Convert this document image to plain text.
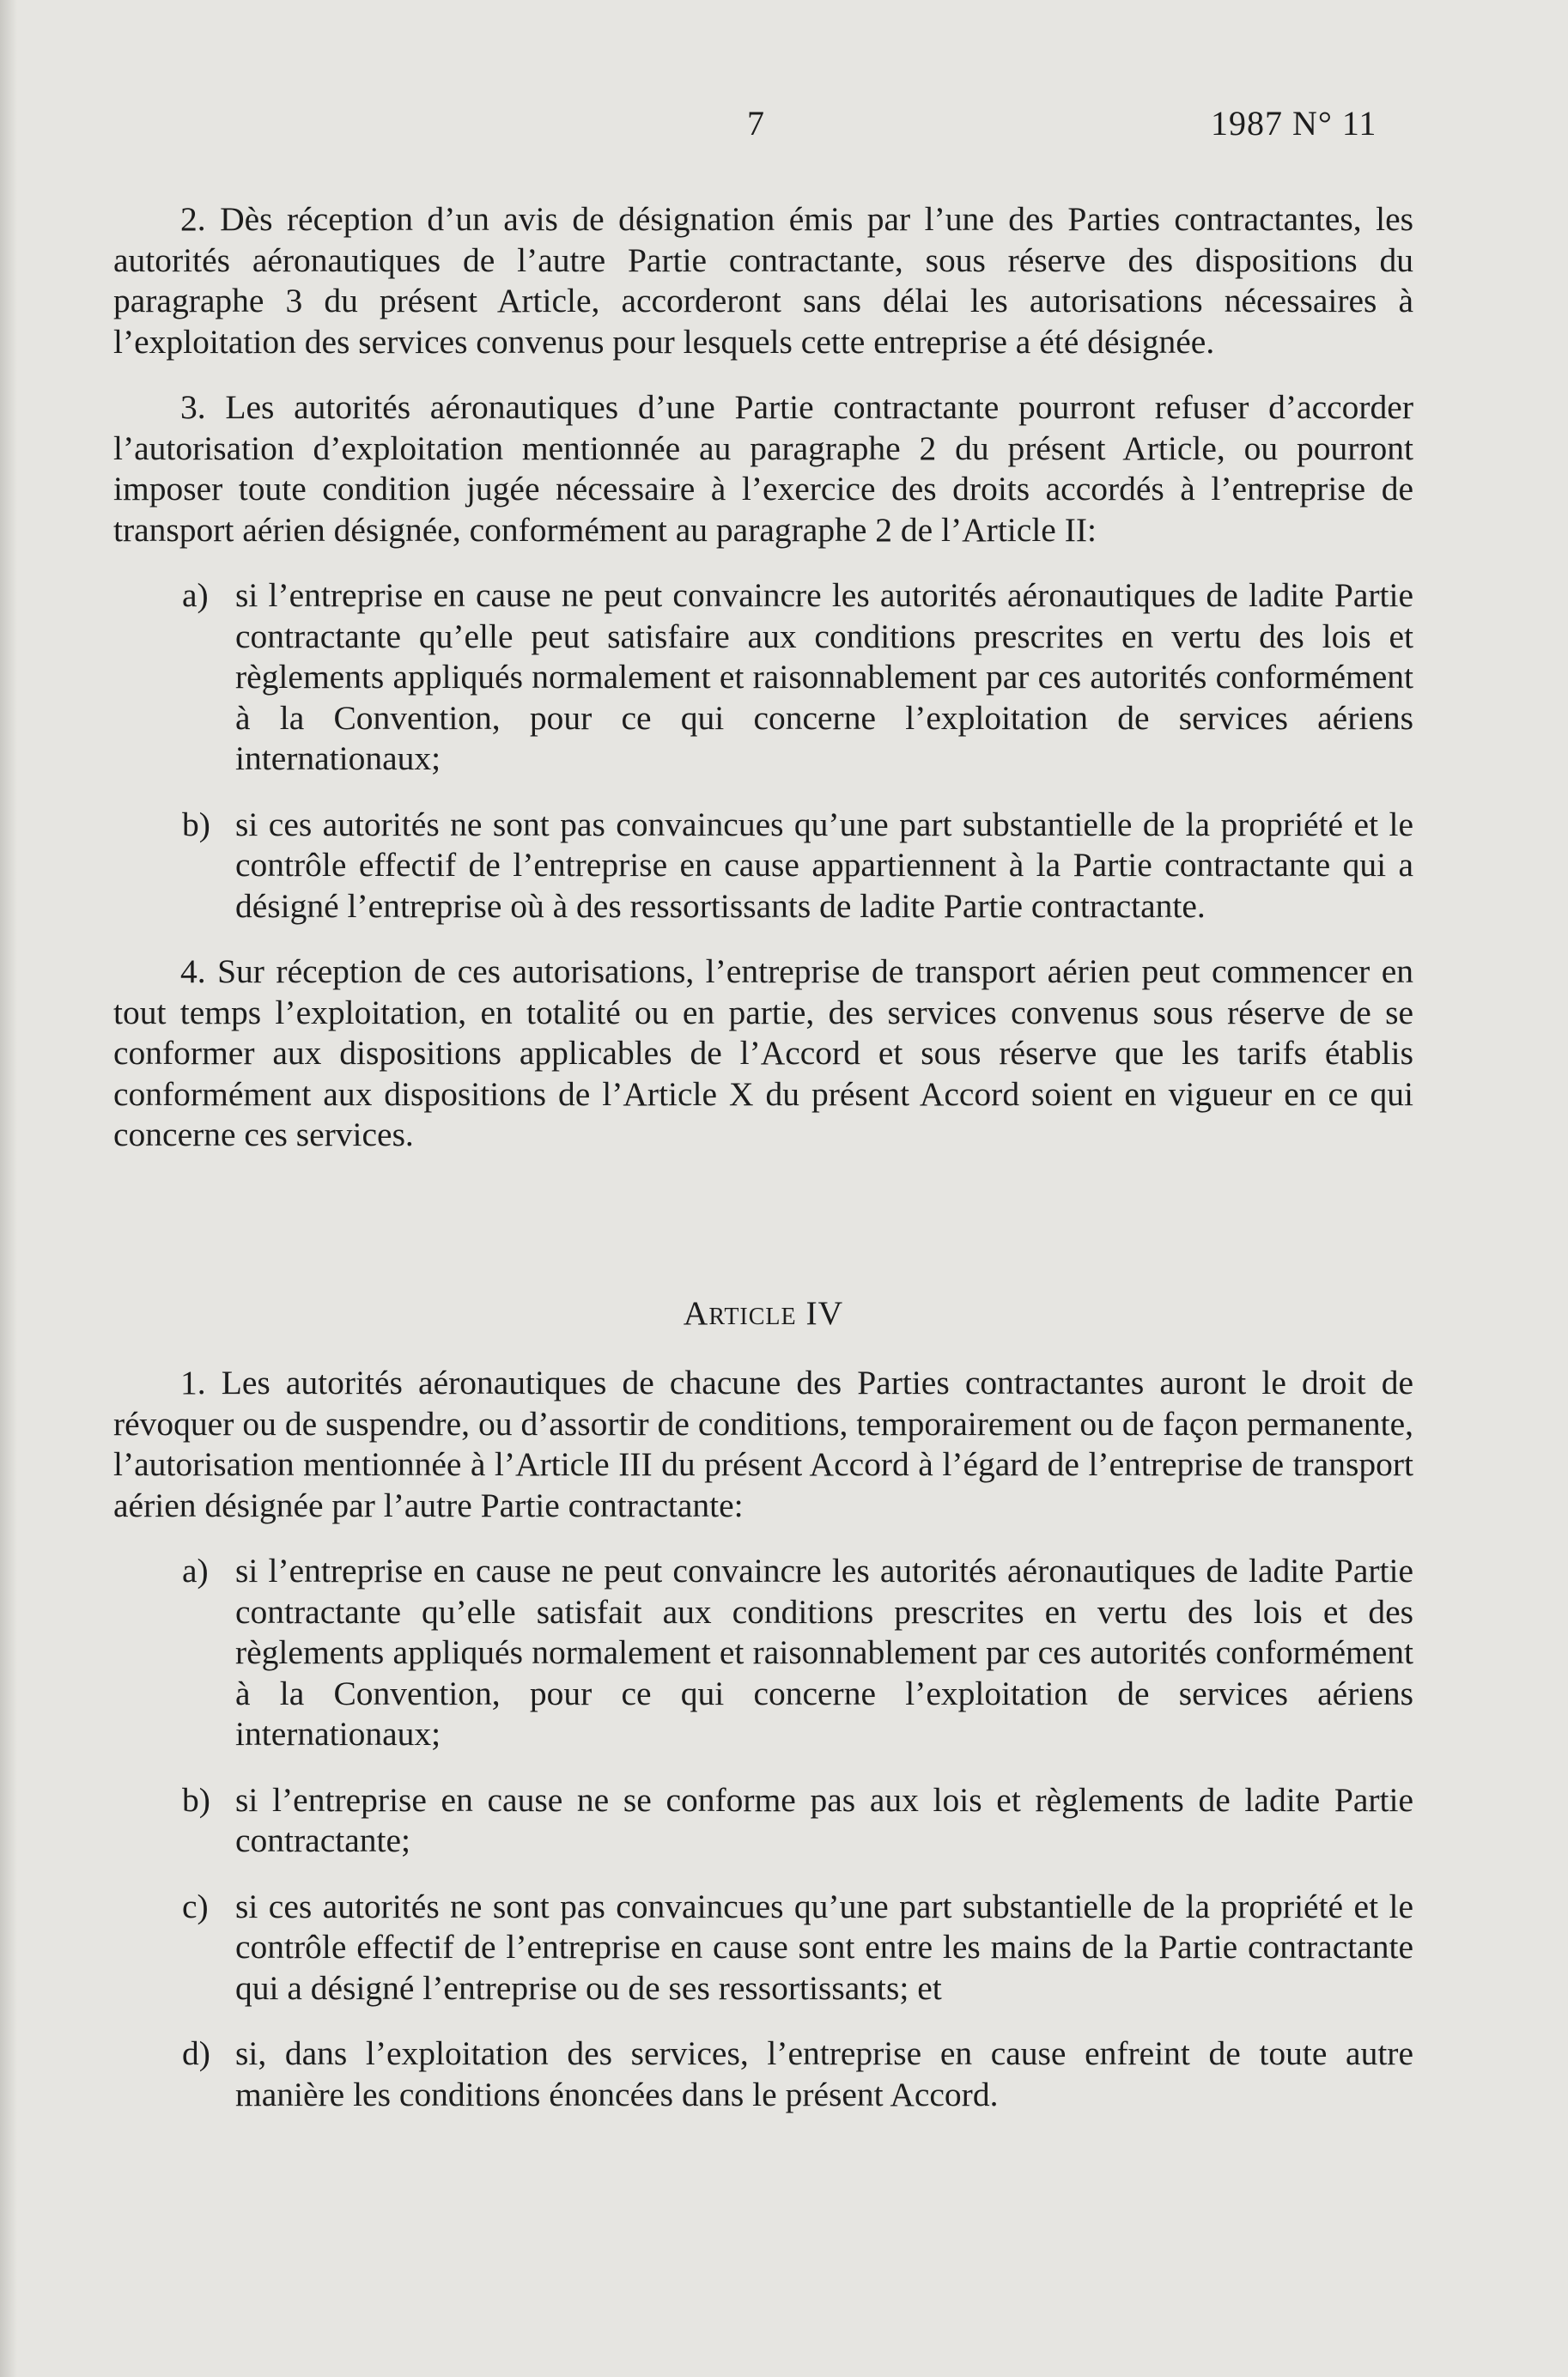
7	1987 N° 11

2. Dès réception d’un avis de désignation émis par l’une des Parties contractantes, les autorités aéronautiques de l’autre Partie contractante, sous réserve des dispositions du paragraphe 3 du présent Article, accorderont sans délai les autorisations nécessaires à l’exploitation des services convenus pour lesquels cette entreprise a été désignée.

3. Les autorités aéronautiques d’une Partie contractante pourront refuser d’accorder l’autorisation d’exploitation mentionnée au paragraphe 2 du présent Article, ou pourront imposer toute condition jugée nécessaire à l’exercice des droits accordés à l’entreprise de transport aérien désignée, conformément au paragraphe 2 de l’Article II:

a) si l’entreprise en cause ne peut convaincre les autorités aéronautiques de ladite Partie contractante qu’elle peut satisfaire aux conditions prescrites en vertu des lois et règlements appliqués normalement et raisonnablement par ces autorités conformément à la Convention, pour ce qui concerne l’exploitation de services aériens internationaux;
b) si ces autorités ne sont pas convaincues qu’une part substantielle de la propriété et le contrôle effectif de l’entreprise en cause appartiennent à la Partie contractante qui a désigné l’entreprise où à des ressortissants de ladite Partie contractante.

4. Sur réception de ces autorisations, l’entreprise de transport aérien peut commencer en tout temps l’exploitation, en totalité ou en partie, des services convenus sous réserve de se conformer aux dispositions applicables de l’Accord et sous réserve que les tarifs établis conformément aux dispositions de l’Article X du présent Accord soient en vigueur en ce qui concerne ces services.

Article IV

1. Les autorités aéronautiques de chacune des Parties contractantes auront le droit de révoquer ou de suspendre, ou d’assortir de conditions, temporairement ou de façon permanente, l’autorisation mentionnée à l’Article III du présent Accord à l’égard de l’entreprise de transport aérien désignée par l’autre Partie contractante:

a) si l’entreprise en cause ne peut convaincre les autorités aéronautiques de ladite Partie contractante qu’elle satisfait aux conditions prescrites en vertu des lois et des règlements appliqués normalement et raisonnablement par ces autorités conformément à la Convention, pour ce qui concerne l’exploitation de services aériens internationaux;
b) si l’entreprise en cause ne se conforme pas aux lois et règlements de ladite Partie contractante;
c) si ces autorités ne sont pas convaincues qu’une part substantielle de la propriété et le contrôle effectif de l’entreprise en cause sont entre les mains de la Partie contractante qui a désigné l’entreprise ou de ses ressortissants; et
d) si, dans l’exploitation des services, l’entreprise en cause enfreint de toute autre manière les conditions énoncées dans le présent Accord.
